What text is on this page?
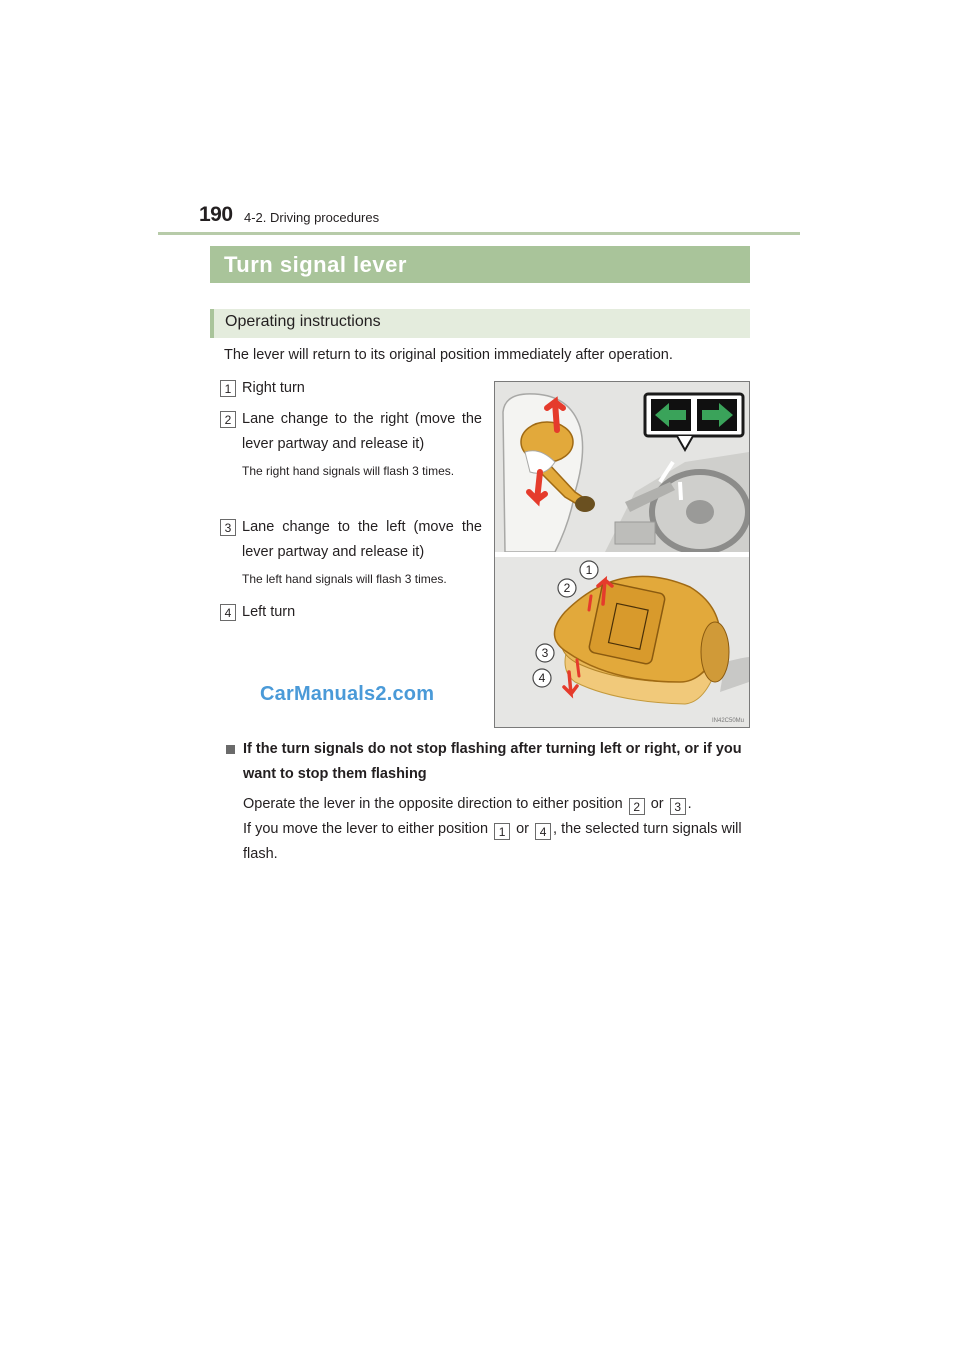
190 4-2. Driving procedures
Turn signal lever
Operating instructions
The lever will return to its original position immediately after operation.
1 Right turn
2 Lane change to the right (move the lever partway and release it)
The right hand signals will flash 3 times.
3 Lane change to the left (move the lever partway and release it)
The left hand signals will flash 3 times.
4 Left turn
1
2
3
4
IN42C50Mu
CarManuals2.com
If the turn signals do not stop flashing after turning left or right, or if you want to stop them flashing
Operate the lever in the opposite direction to either position 2 or 3 .
If you move the lever to either position 1 or 4 , the selected turn signals will flash.
